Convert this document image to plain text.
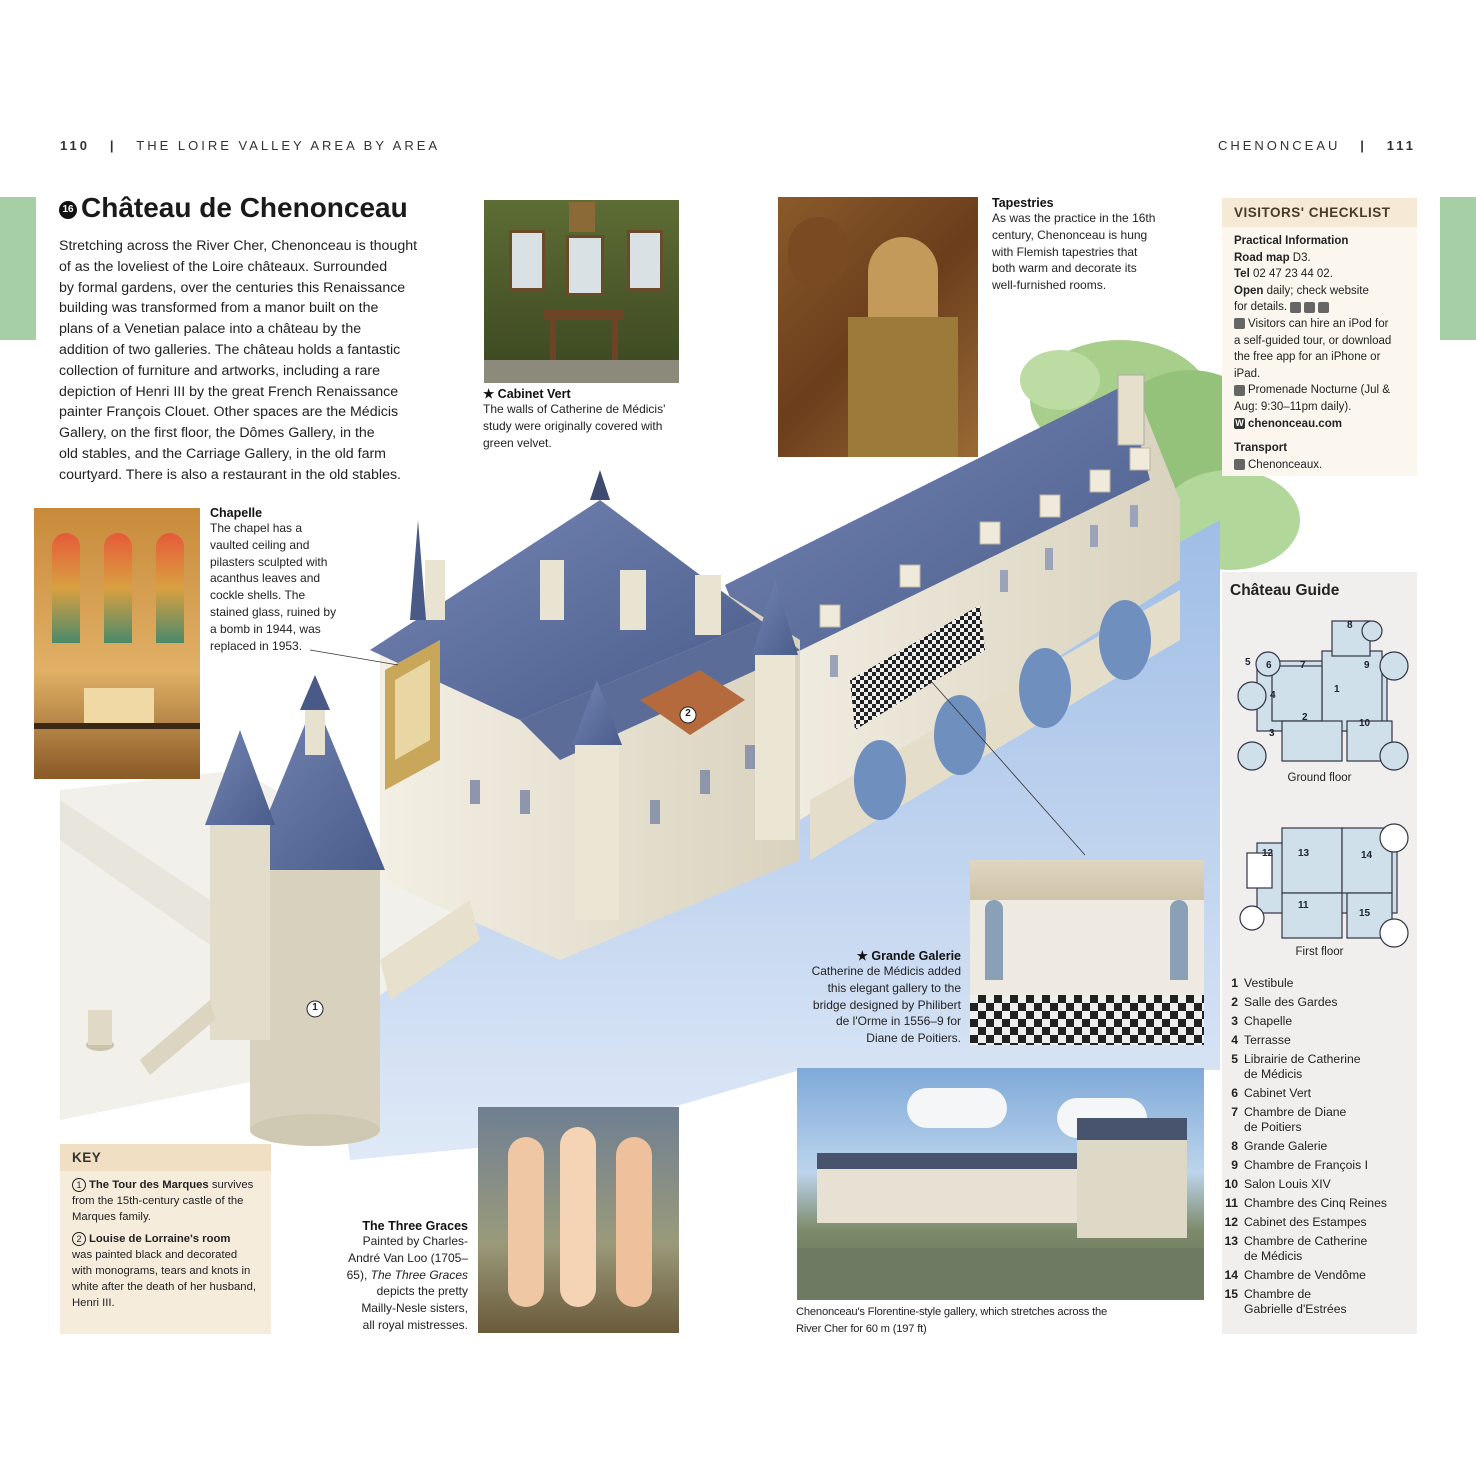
110   |   THE LOIRE VALLEY AREA BY AREA	CHENONCEAU   |   111
16 Château de Chenonceau
Stretching across the River Cher, Chenonceau is thought
of as the loveliest of the Loire châteaux. Surrounded
by formal gardens, over the centuries this Renaissance
building was transformed from a manor built on the
plans of a Venetian palace into a château by the
addition of two galleries. The château holds a fantastic
collection of furniture and artworks, including a rare
depiction of Henri III by the great French Renaissance
painter François Clouet. Other spaces are the Médicis
Gallery, on the first floor, the Dômes Gallery, in the
old stables, and the Carriage Gallery, in the old farm
courtyard. There is also a restaurant in the old stables.
1
2
★ Cabinet Vert
The walls of Catherine de Médicis'
study were originally covered with
green velvet.
Tapestries
As was the practice in the 16th
century, Chenonceau is hung
with Flemish tapestries that
both warm and decorate its
well-furnished rooms.
Chapelle
The chapel has a
vaulted ceiling and
pilasters sculpted with
acanthus leaves and
cockle shells. The
stained glass, ruined by
a bomb in 1944, was
replaced in 1953.
★ Grande Galerie
Catherine de Médicis added
this elegant gallery to the
bridge designed by Philibert
de l'Orme in 1556–9 for
Diane de Poitiers.
Chenonceau's Florentine-style gallery, which stretches across the
River Cher for 60 m (197 ft)
The Three Graces
Painted by Charles-
André Van Loo (1705–
65), The Three Graces
depicts the pretty
Mailly-Nesle sisters,
all royal mistresses.
KEY
1 The Tour des Marques survives
from the 15th-century castle of the
Marques family.
2 Louise de Lorraine's room
was painted black and decorated
with monograms, tears and knots in
white after the death of her husband,
Henri III.
VISITORS' CHECKLIST
Practical Information
Road map D3.
Tel 02 47 23 44 02.
Open daily; check website
for details.
Visitors can hire an iPod for
a self-guided tour, or download
the free app for an iPhone or iPad.
Promenade Nocturne (Jul &
Aug: 9:30–11pm daily).
W chenonceau.com
Transport
Chenonceaux.
Château Guide
Ground floor
First floor
1 Vestibule
2 Salle des Gardes
3 Chapelle
4 Terrasse
5 Librairie de Catherine
de Médicis
6 Cabinet Vert
7 Chambre de Diane
de Poitiers
8 Grande Galerie
9 Chambre de François I
10 Salon Louis XIV
11 Chambre des Cinq Reines
12 Cabinet des Estampes
13 Chambre de Catherine
de Médicis
14 Chambre de Vendôme
15 Chambre de
Gabrielle d'Estrées
8
5 6	7	9
4
1
2
10
3
12 13	14
11
15
